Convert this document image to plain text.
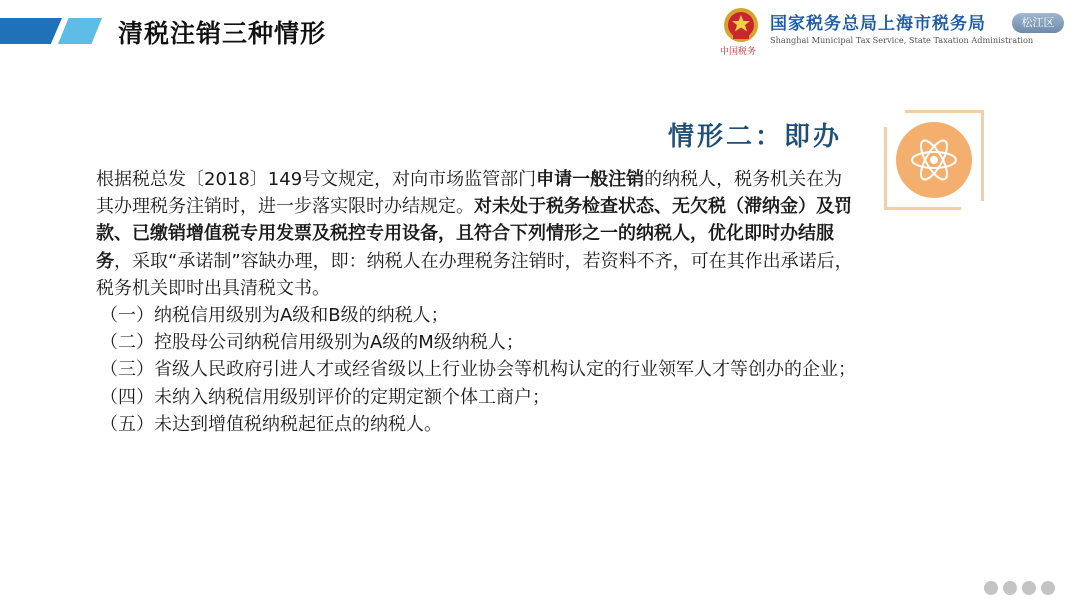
清税注销三种情形
中国税务
国家税务总局上海市税务局
Shanghai Municipal Tax Service, State Taxation Administration
松江区
情形二：即办

根据税总发〔2018〕149号文规定，对向市场监管部门申请一般注销的纳税人，税务机关在为其办理税务注销时，进一步落实限时办结规定。对未处于税务检查状态、无欠税（滞纳金）及罚款、已缴销增值税专用发票及税控专用设备，且符合下列情形之一的纳税人，优化即时办结服务，采取“承诺制”容缺办理，即：纳税人在办理税务注销时，若资料不齐，可在其作出承诺后，税务机关即时出具清税文书。

（一）纳税信用级别为A级和B级的纳税人；

（二）控股母公司纳税信用级别为A级的M级纳税人；

（三）省级人民政府引进人才或经省级以上行业协会等机构认定的行业领军人才等创办的企业；

（四）未纳入纳税信用级别评价的定期定额个体工商户；

（五）未达到增值税纳税起征点的纳税人。
